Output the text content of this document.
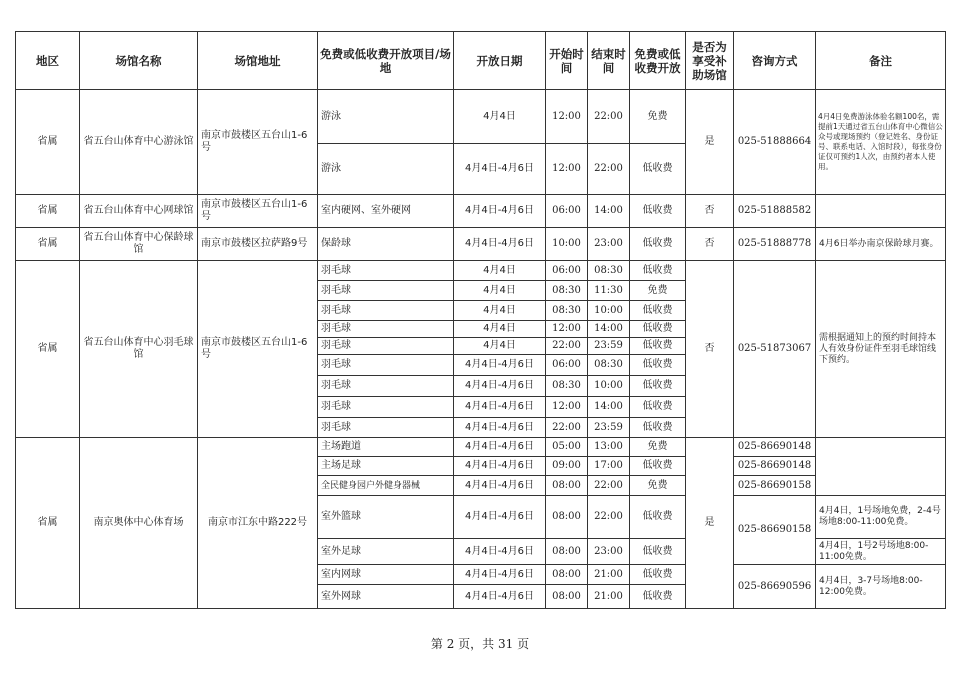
地区	场馆名称	场馆地址	免费或低收费开放项目/场地	开放日期	开始时间	结束时间	免费或低收费开放	是否为享受补助场馆	咨询方式	备注
省属	省五台山体育中心游泳馆	南京市鼓楼区五台山1-6号	游泳	4月4日	12:00	22:00	免费	是	025-51888664	4月4日免费游泳体验名额100名，需提前1天通过省五台山体育中心微信公众号或现场预约（登记姓名、身份证号、联系电话、入馆时段），每张身份证仅可预约1人次，由预约者本人使用。
			游泳	4月4日-4月6日	12:00	22:00	低收费			
省属	省五台山体育中心网球馆	南京市鼓楼区五台山1-6号	室内硬网、室外硬网	4月4日-4月6日	06:00	14:00	低收费	否	025-51888582	
省属	省五台山体育中心保龄球馆	南京市鼓楼区拉萨路9号	保龄球	4月4日-4月6日	10:00	23:00	低收费	否	025-51888778	4月6日举办南京保龄球月赛。
省属	省五台山体育中心羽毛球馆	南京市鼓楼区五台山1-6号	羽毛球	4月4日	06:00	08:30	低收费	否	025-51873067	需根据通知上的预约时间持本人有效身份证件至羽毛球馆线下预约。
			羽毛球	4月4日	08:30	11:30	免费			
			羽毛球	4月4日	08:30	10:00	低收费			
			羽毛球	4月4日	12:00	14:00	低收费			
			羽毛球	4月4日	22:00	23:59	低收费			
			羽毛球	4月4日-4月6日	06:00	08:30	低收费			
			羽毛球	4月4日-4月6日	08:30	10:00	低收费			
			羽毛球	4月4日-4月6日	12:00	14:00	低收费			
			羽毛球	4月4日-4月6日	22:00	23:59	低收费			
省属	南京奥体中心体育场	南京市江东中路222号	主场跑道	4月4日-4月6日	05:00	13:00	免费	是	025-86690148	
			主场足球	4月4日-4月6日	09:00	17:00	低收费		025-86690148	
			全民健身园户外健身器械	4月4日-4月6日	08:00	22:00	免费		025-86690158	
			室外篮球	4月4日-4月6日	08:00	22:00	低收费		025-86690158	4月4日，1号场地免费，2-4号场地8:00-11:00免费。
			室外足球	4月4日-4月6日	08:00	23:00	低收费			4月4日，1号2号场地8:00-11:00免费。
			室内网球	4月4日-4月6日	08:00	21:00	低收费		025-86690596	4月4日，3-7号场地8:00-12:00免费。
			室外网球	4月4日-4月6日	08:00	21:00	低收费			
第 2 页，共 31 页
